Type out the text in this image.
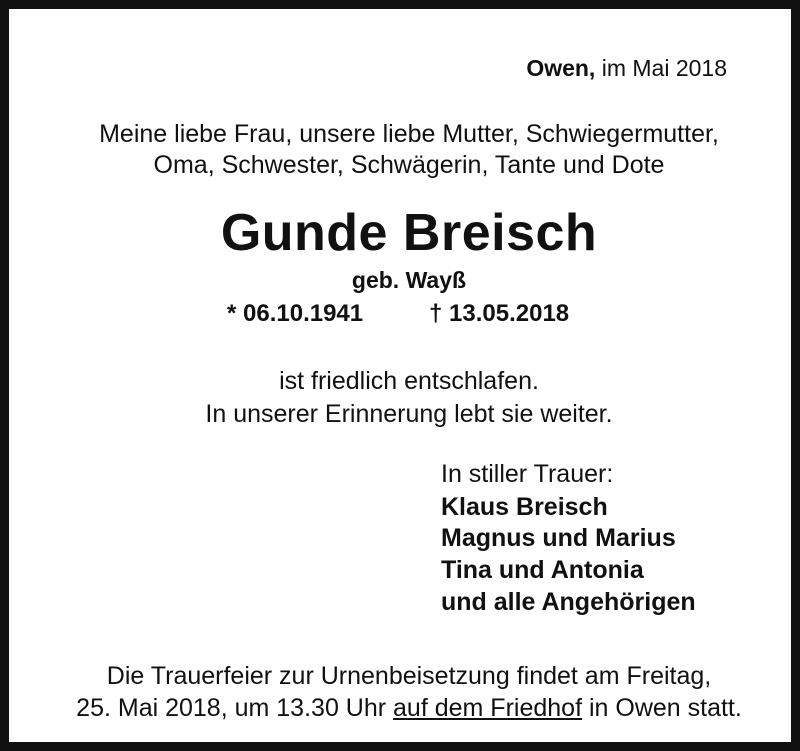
Owen, im Mai 2018
Meine liebe Frau, unsere liebe Mutter, Schwiegermutter,
Oma, Schwester, Schwägerin, Tante und Dote
Gunde Breisch
geb. Wayß
* 06.10.1941	† 13.05.2018
ist friedlich entschlafen.
In unserer Erinnerung lebt sie weiter.
In stiller Trauer:
Klaus Breisch
Magnus und Marius
Tina und Antonia
und alle Angehörigen
Die Trauerfeier zur Urnenbeisetzung findet am Freitag,
25. Mai 2018, um 13.30 Uhr auf dem Friedhof in Owen statt.
